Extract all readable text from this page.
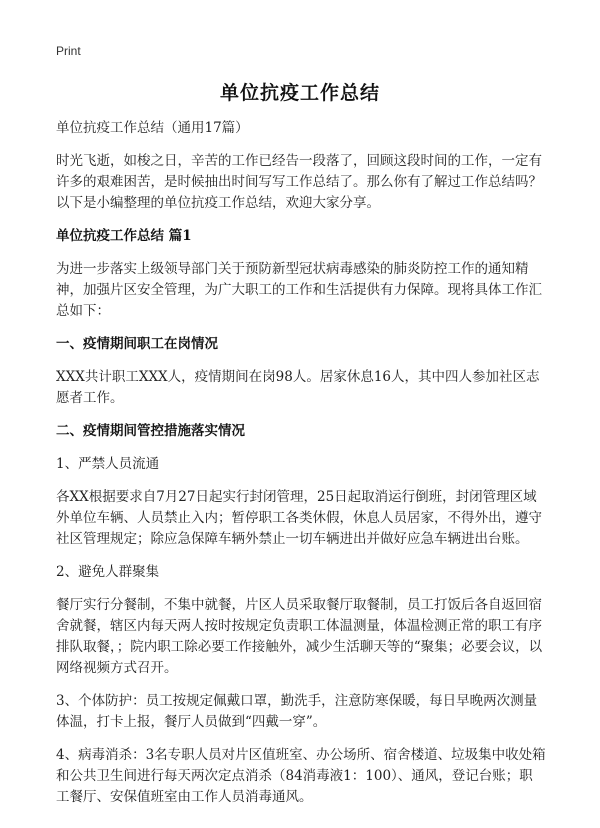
Print
单位抗疫工作总结

单位抗疫工作总结（通用17篇）

时光飞逝，如梭之日，辛苦的工作已经告一段落了，回顾这段时间的工作，一定有许多的艰难困苦，是时候抽出时间写写工作总结了。那么你有了解过工作总结吗？以下是小编整理的单位抗疫工作总结，欢迎大家分享。

单位抗疫工作总结 篇1

为进一步落实上级领导部门关于预防新型冠状病毒感染的肺炎防控工作的通知精神，加强片区安全管理，为广大职工的工作和生活提供有力保障。现将具体工作汇总如下：

一、疫情期间职工在岗情况

XXX共计职工XXX人，疫情期间在岗98人。居家休息16人，其中四人参加社区志愿者工作。

二、疫情期间管控措施落实情况

1、严禁人员流通

各XX根据要求自7月27日起实行封闭管理，25日起取消运行倒班，封闭管理区域外单位车辆、人员禁止入内；暂停职工各类休假，休息人员居家，不得外出，遵守社区管理规定；除应急保障车辆外禁止一切车辆进出并做好应急车辆进出台账。

2、避免人群聚集

餐厅实行分餐制，不集中就餐，片区人员采取餐厅取餐制，员工打饭后各自返回宿舍就餐，辖区内每天两人按时按规定负责职工体温测量，体温检测正常的职工有序排队取餐，；院内职工除必要工作接触外，减少生活聊天等的“聚集；必要会议，以网络视频方式召开。

3、个体防护：员工按规定佩戴口罩，勤洗手，注意防寒保暖，每日早晚两次测量体温，打卡上报，餐厅人员做到“四戴一穿”。

4、病毒消杀：3名专职人员对片区值班室、办公场所、宿舍楼道、垃圾集中收处箱和公共卫生间进行每天两次定点消杀（84消毒液1：100）、通风，登记台账；职工餐厅、安保值班室由工作人员消毒通风。
